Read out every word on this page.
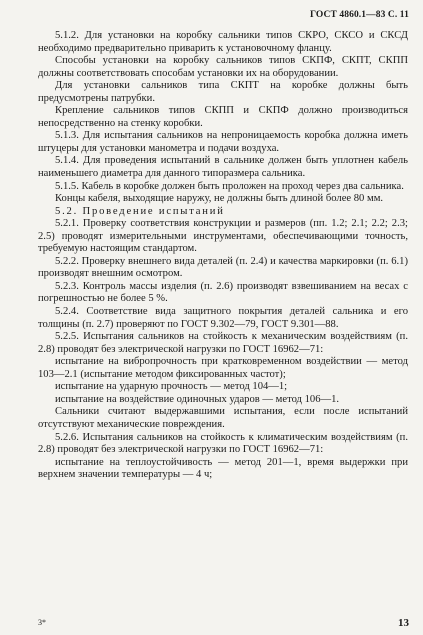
ГОСТ 4860.1—83 С. 11

5.1.2. Для установки на коробку сальники типов СКРО, СКСО и СКСД необходимо предварительно приварить к установочному фланцу.

Способы установки на коробку сальников типов СКПФ, СКПТ, СКПП должны соответствовать способам установки их на оборудовании.

Для установки сальников типа СКПТ на коробке должны быть предусмотрены патрубки.

Крепление сальников типов СКПП и СКПФ должно производиться непосредственно на стенку коробки.

5.1.3. Для испытания сальников на непроницаемость коробка должна иметь штуцеры для установки манометра и подачи воздуха.

5.1.4. Для проведения испытаний в сальнике должен быть уплотнен кабель наименьшего диаметра для данного типоразмера сальника.

5.1.5. Кабель в коробке должен быть проложен на проход через два сальника.

Концы кабеля, выходящие наружу, не должны быть длиной более 80 мм.

5.2. Проведение испытаний

5.2.1. Проверку соответствия конструкции и размеров (пп. 1.2; 2.1; 2.2; 2.3; 2.5) проводят измерительными инструментами, обеспечивающими точность, требуемую настоящим стандартом.

5.2.2. Проверку внешнего вида деталей (п. 2.4) и качества маркировки (п. 6.1) производят внешним осмотром.

5.2.3. Контроль массы изделия (п. 2.6) производят взвешиванием на весах с погрешностью не более 5 %.

5.2.4. Соответствие вида защитного покрытия деталей сальника и его толщины (п. 2.7) проверяют по ГОСТ 9.302—79, ГОСТ 9.301—88.

5.2.5. Испытания сальников на стойкость к механическим воздействиям (п. 2.8) проводят без электрической нагрузки по ГОСТ 16962—71:

испытание на вибропрочность при кратковременном воздействии — метод 103—2.1 (испытание методом фиксированных частот);

испытание на ударную прочность — метод 104—1;

испытание на воздействие одиночных ударов — метод 106—1.

Сальники считают выдержавшими испытания, если после испытаний отсутствуют механические повреждения.

5.2.6. Испытания сальников на стойкость к климатическим воздействиям (п. 2.8) проводят без электрической нагрузки по ГОСТ 16962—71:

испытание на теплоустойчивость — метод 201—1, время выдержки при верхнем значении температуры — 4 ч;

3*	13
